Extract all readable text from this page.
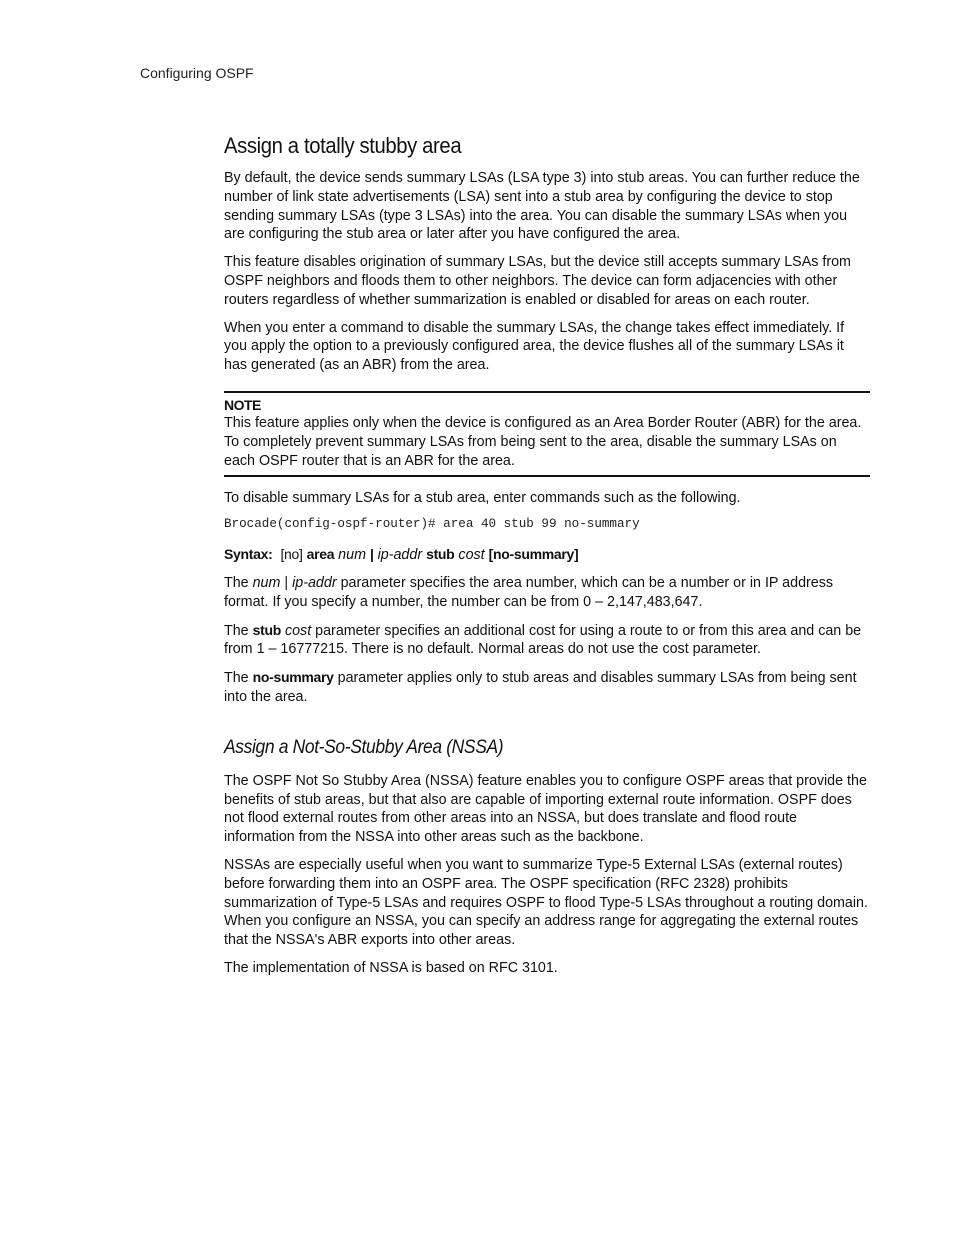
Configuring OSPF
Assign a totally stubby area

By default, the device sends summary LSAs (LSA type 3) into stub areas. You can further reduce the number of link state advertisements (LSA) sent into a stub area by configuring the device to stop sending summary LSAs (type 3 LSAs) into the area. You can disable the summary LSAs when you are configuring the stub area or later after you have configured the area.

This feature disables origination of summary LSAs, but the device still accepts summary LSAs from OSPF neighbors and floods them to other neighbors. The device can form adjacencies with other routers regardless of whether summarization is enabled or disabled for areas on each router.

When you enter a command to disable the summary LSAs, the change takes effect immediately. If you apply the option to a previously configured area, the device flushes all of the summary LSAs it has generated (as an ABR) from the area.

NOTE

This feature applies only when the device is configured as an Area Border Router (ABR) for the area. To completely prevent summary LSAs from being sent to the area, disable the summary LSAs on each OSPF router that is an ABR for the area.

To disable summary LSAs for a stub area, enter commands such as the following.

Brocade(config-ospf-router)# area 40 stub 99 no-summary

Syntax: [no] area num | ip-addr stub cost [no-summary]

The num | ip-addr parameter specifies the area number, which can be a number or in IP address format. If you specify a number, the number can be from 0 – 2,147,483,647.

The stub cost parameter specifies an additional cost for using a route to or from this area and can be from 1 – 16777215. There is no default. Normal areas do not use the cost parameter.

The no-summary parameter applies only to stub areas and disables summary LSAs from being sent into the area.

Assign a Not-So-Stubby Area (NSSA)

The OSPF Not So Stubby Area (NSSA) feature enables you to configure OSPF areas that provide the benefits of stub areas, but that also are capable of importing external route information. OSPF does not flood external routes from other areas into an NSSA, but does translate and flood route information from the NSSA into other areas such as the backbone.

NSSAs are especially useful when you want to summarize Type-5 External LSAs (external routes) before forwarding them into an OSPF area. The OSPF specification (RFC 2328) prohibits summarization of Type-5 LSAs and requires OSPF to flood Type-5 LSAs throughout a routing domain. When you configure an NSSA, you can specify an address range for aggregating the external routes that the NSSA's ABR exports into other areas.

The implementation of NSSA is based on RFC 3101.
